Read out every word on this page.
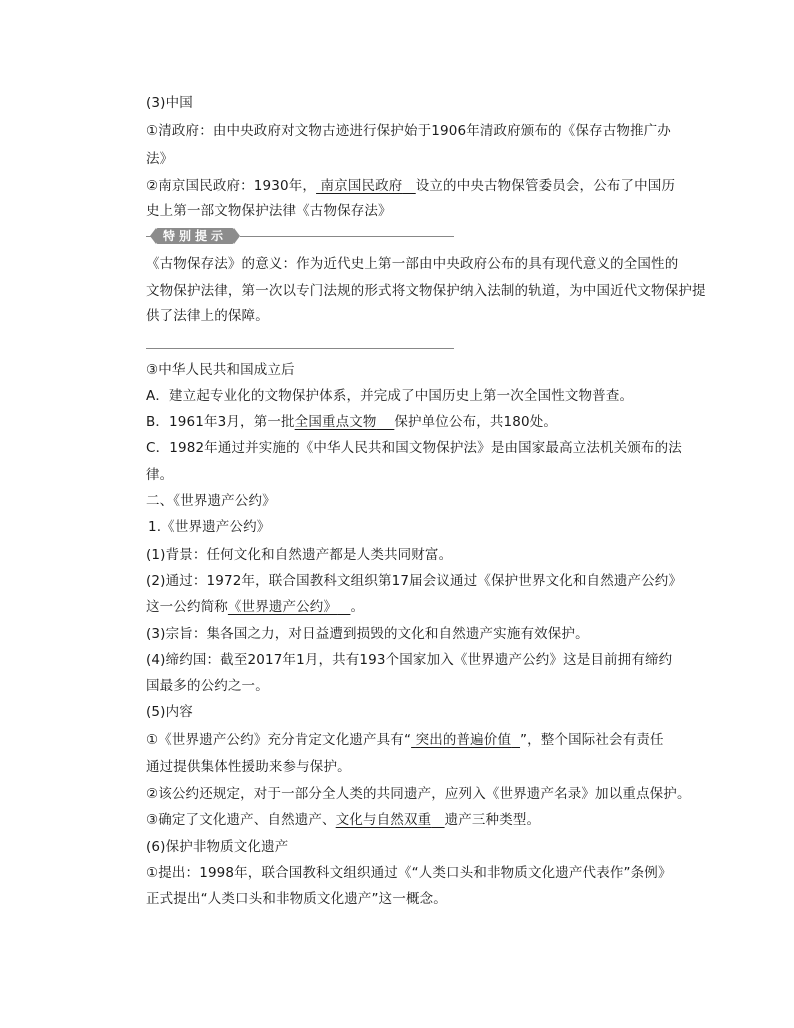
(3)中国
①清政府：由中央政府对文物古迹进行保护始于1906年清政府颁布的《保存古物推广办
法》
②南京国民政府：1930年， 南京国民政府 设立的中央古物保管委员会，公布了中国历
史上第一部文物保护法律《古物保存法》
特别提示
《古物保存法》的意义：作为近代史上第一部由中央政府公布的具有现代意义的全国性的
文物保护法律，第一次以专门法规的形式将文物保护纳入法制的轨道，为中国近代文物保护提
供了法律上的保障。
③中华人民共和国成立后
A．建立起专业化的文物保护体系，并完成了中国历史上第一次全国性文物普查。
B．1961年3月，第一批全国重点文物 保护单位公布，共180处。
C．1982年通过并实施的《中华人民共和国文物保护法》是由国家最高立法机关颁布的法
律。
二、《世界遗产公约》
1.《世界遗产公约》
(1)背景：任何文化和自然遗产都是人类共同财富。
(2)通过：1972年，联合国教科文组织第17届会议通过《保护世界文化和自然遗产公约》
这一公约简称《世界遗产公约》 。
(3)宗旨：集各国之力，对日益遭到损毁的文化和自然遗产实施有效保护。
(4)缔约国：截至2017年1月，共有193个国家加入《世界遗产公约》这是目前拥有缔约
国最多的公约之一。
(5)内容
①《世界遗产公约》充分肯定文化遗产具有“ 突出的普遍价值 ”，整个国际社会有责任
通过提供集体性援助来参与保护。
②该公约还规定，对于一部分全人类的共同遗产，应列入《世界遗产名录》加以重点保护。
③确定了文化遗产、自然遗产、文化与自然双重 遗产三种类型。
(6)保护非物质文化遗产
①提出：1998年，联合国教科文组织通过《“人类口头和非物质文化遗产代表作”条例》
正式提出“人类口头和非物质文化遗产”这一概念。
